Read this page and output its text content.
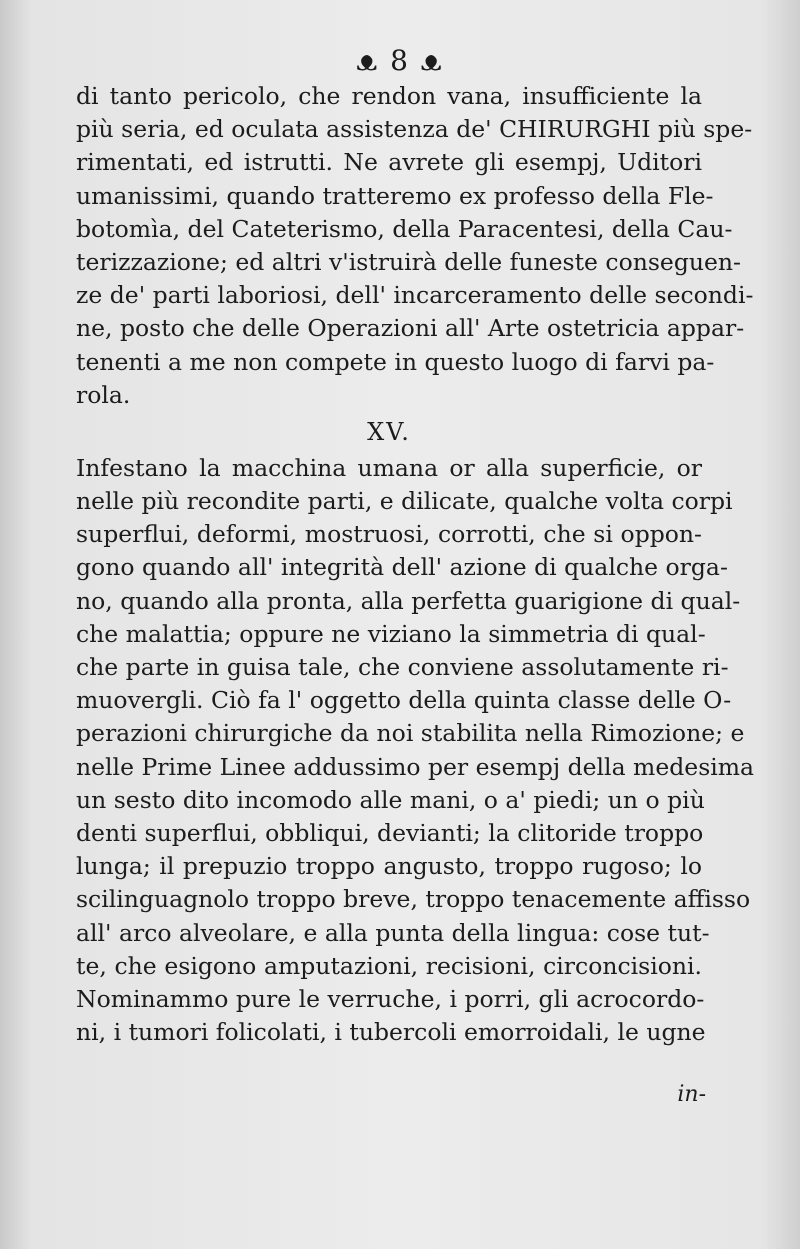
ᴥ 8 ᴥ
di tanto pericolo, che rendon vana, insufficiente la
più seria, ed oculata assistenza de' CHIRURGHI più spe-
rimentati, ed istrutti. Ne avrete gli esempj, Uditori
umanissimi, quando tratteremo ex professo della Fle-
botomìa, del Cateterismo, della Paracentesi, della Cau-
terizzazione; ed altri v'istruirà delle funeste conseguen-
ze de' parti laboriosi, dell' incarceramento delle secondi-
ne, posto che delle Operazioni all' Arte ostetricia appar-
tenenti a me non compete in questo luogo di farvi pa-
rola.
XV.
Infestano la macchina umana or alla superficie, or
nelle più recondite parti, e dilicate, qualche volta corpi
superflui, deformi, mostruosi, corrotti, che si oppon-
gono quando all' integrità dell' azione di qualche orga-
no, quando alla pronta, alla perfetta guarigione di qual-
che malattia; oppure ne viziano la simmetria di qual-
che parte in guisa tale, che conviene assolutamente ri-
muovergli. Ciò fa l' oggetto della quinta classe delle O-
perazioni chirurgiche da noi stabilita nella Rimozione; e
nelle Prime Linee addussimo per esempj della medesima
un sesto dito incomodo alle mani, o a' piedi; un o più
denti superflui, obbliqui, devianti; la clitoride troppo
lunga; il prepuzio troppo angusto, troppo rugoso; lo
scilinguagnolo troppo breve, troppo tenacemente affisso
all' arco alveolare, e alla punta della lingua: cose tut-
te, che esigono amputazioni, recisioni, circoncisioni.
Nominammo pure le verruche, i porri, gli acrocordo-
ni, i tumori folicolati, i tubercoli emorroidali, le ugne
in-
